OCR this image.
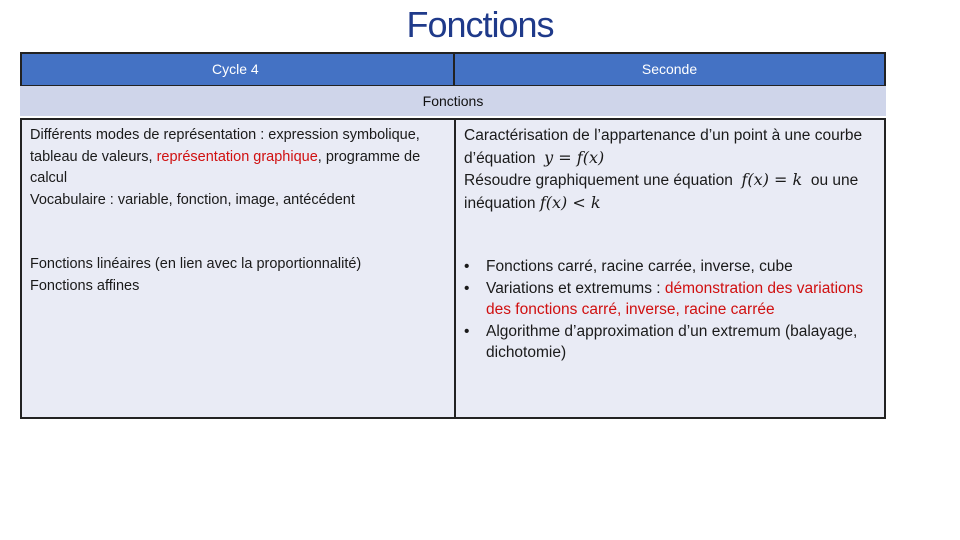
Fonctions
Cycle 4	Seconde
Fonctions
Différents modes de représentation : expression symbolique, tableau de valeurs, représentation graphique, programme de calcul
Vocabulaire : variable, fonction, image, antécédent
Fonctions linéaires (en lien avec la proportionnalité)
Fonctions affines
Caractérisation de l’appartenance d’un point à une courbe d’équation y = f(x)
Résoudre graphiquement une équation f(x) = k ou une inéquation f(x) < k
• Fonctions carré, racine carrée, inverse, cube
• Variations et extremums : démonstration des variations des fonctions carré, inverse, racine carrée
• Algorithme d’approximation d’un extremum (balayage, dichotomie)
